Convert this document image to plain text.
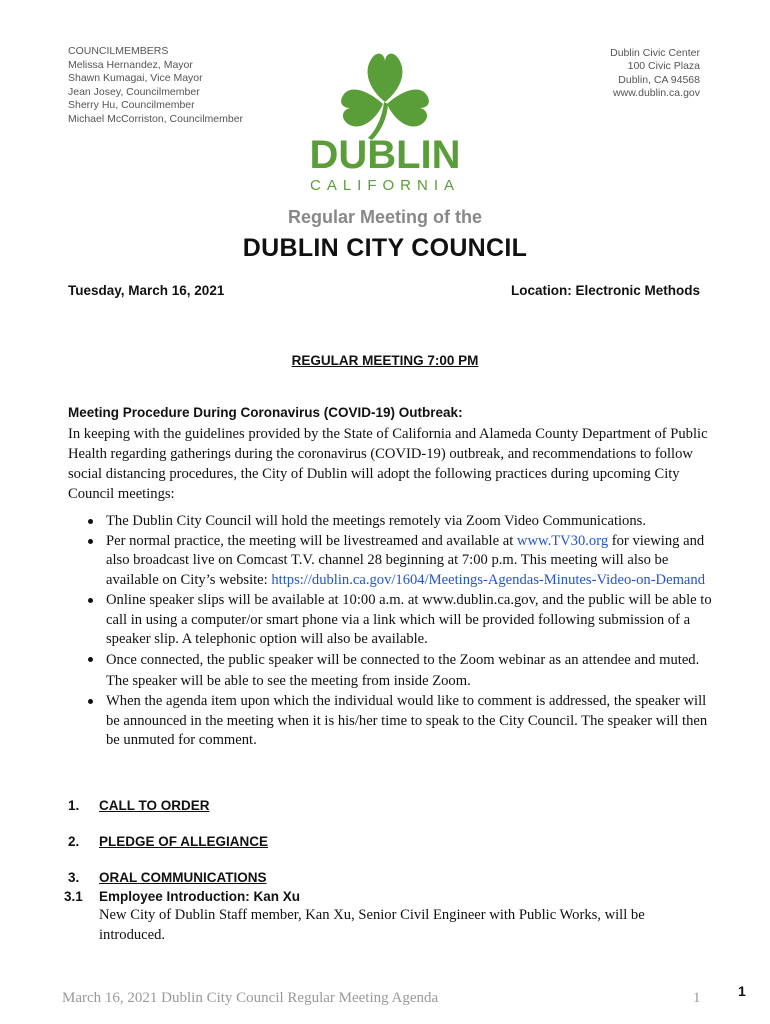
COUNCILMEMBERS
Melissa Hernandez, Mayor
Shawn Kumagai, Vice Mayor
Jean Josey, Councilmember
Sherry Hu, Councilmember
Michael McCorriston, Councilmember
Dublin Civic Center
100 Civic Plaza
Dublin, CA 94568
www.dublin.ca.gov
DUBLIN
CALIFORNIA
Regular Meeting of the
DUBLIN CITY COUNCIL
Tuesday, March 16, 2021	Location: Electronic Methods
REGULAR MEETING 7:00 PM
Meeting Procedure During Coronavirus (COVID-19) Outbreak:
In keeping with the guidelines provided by the State of California and Alameda County Department of Public Health regarding gatherings during the coronavirus (COVID-19) outbreak, and recommendations to follow social distancing procedures, the City of Dublin will adopt the following practices during upcoming City Council meetings:
The Dublin City Council will hold the meetings remotely via Zoom Video Communications.
Per normal practice, the meeting will be livestreamed and available at www.TV30.org for viewing and also broadcast live on Comcast T.V. channel 28 beginning at 7:00 p.m. This meeting will also be available on City’s website: https://dublin.ca.gov/1604/Meetings-Agendas-Minutes-Video-on-Demand
Online speaker slips will be available at 10:00 a.m. at www.dublin.ca.gov, and the public will be able to call in using a computer/or smart phone via a link which will be provided following submission of a speaker slip. A telephonic option will also be available.
Once connected, the public speaker will be connected to the Zoom webinar as an attendee and muted. The speaker will be able to see the meeting from inside Zoom.
When the agenda item upon which the individual would like to comment is addressed, the speaker will be announced in the meeting when it is his/her time to speak to the City Council. The speaker will then be unmuted for comment.
1. CALL TO ORDER
2. PLEDGE OF ALLEGIANCE
3. ORAL COMMUNICATIONS
3.1 Employee Introduction: Kan Xu
New City of Dublin Staff member, Kan Xu, Senior Civil Engineer with Public Works, will be introduced.
March 16, 2021 Dublin City Council Regular Meeting Agenda	1	1
